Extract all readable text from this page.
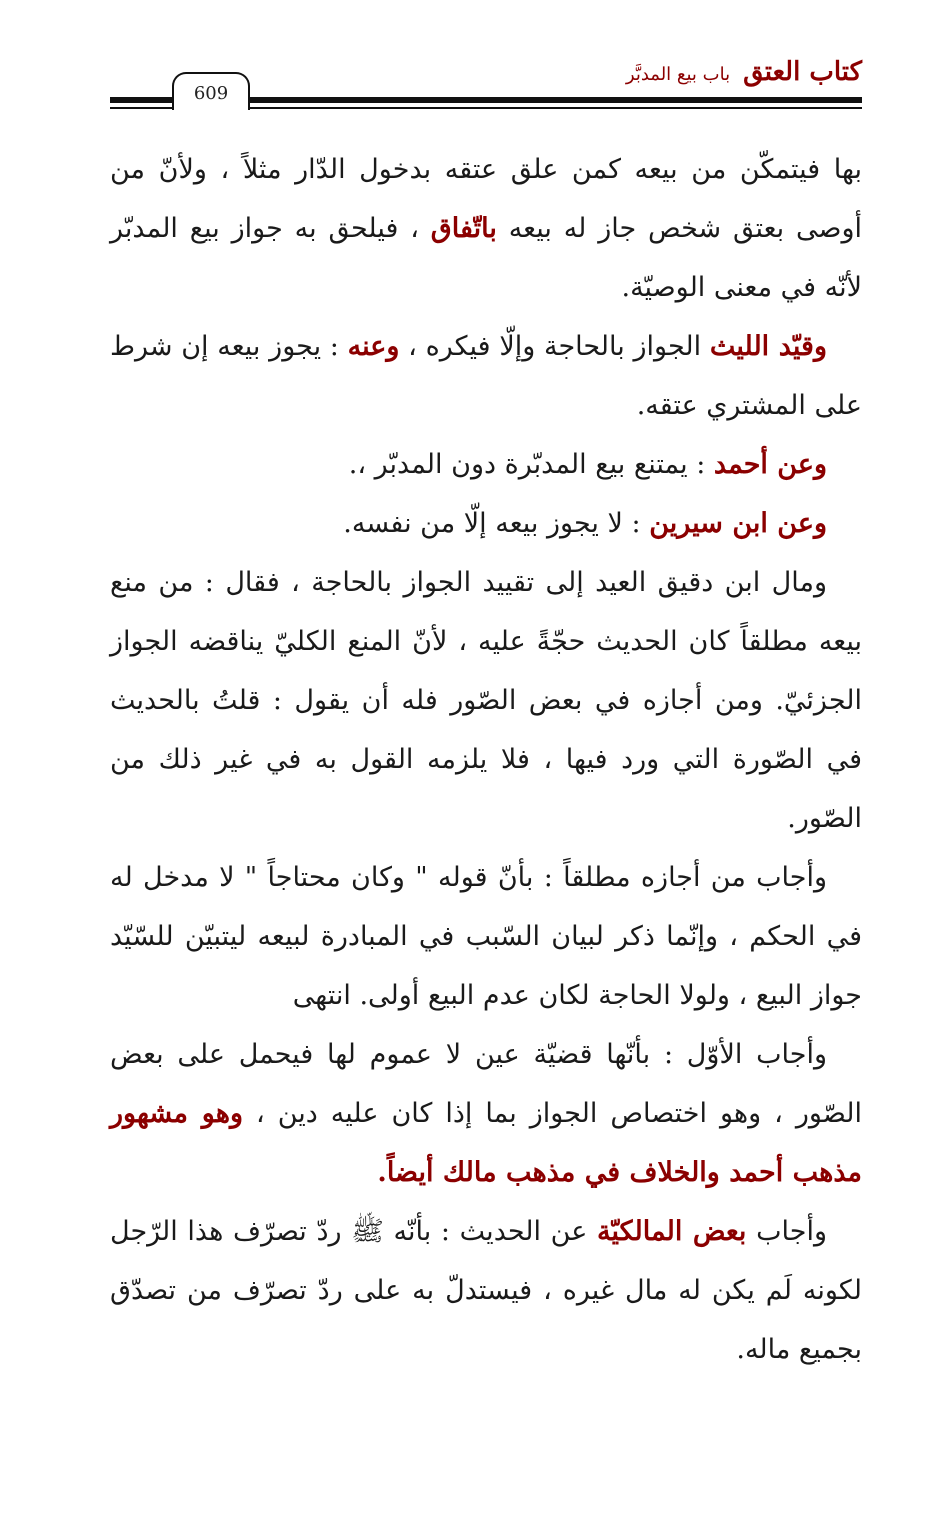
كتاب العتق باب بيع المدبَّر
609

بها فيتمكّن من بيعه كمن علق عتقه بدخول الدّار مثلاً ، ولأنّ من أوصى بعتق شخص جاز له بيعه باتّفاق ، فيلحق به جواز بيع المدبّر لأنّه في معنى الوصيّة.

وقيّد الليث الجواز بالحاجة وإلّا فيكره ، وعنه : يجوز بيعه إن شرط على المشتري عتقه.

وعن أحمد : يمتنع بيع المدبّرة دون المدبّر ،.

وعن ابن سيرين : لا يجوز بيعه إلّا من نفسه.

ومال ابن دقيق العيد إلى تقييد الجواز بالحاجة ، فقال : من منع بيعه مطلقاً كان الحديث حجّةً عليه ، لأنّ المنع الكليّ يناقضه الجواز الجزئيّ. ومن أجازه في بعض الصّور فله أن يقول : قلتُ بالحديث في الصّورة التي ورد فيها ، فلا يلزمه القول به في غير ذلك من الصّور.

وأجاب من أجازه مطلقاً : بأنّ قوله " وكان محتاجاً " لا مدخل له في الحكم ، وإنّما ذكر لبيان السّبب في المبادرة لبيعه ليتبيّن للسّيّد جواز البيع ، ولولا الحاجة لكان عدم البيع أولى. انتهى

وأجاب الأوّل : بأنّها قضيّة عين لا عموم لها فيحمل على بعض الصّور ، وهو اختصاص الجواز بما إذا كان عليه دين ، وهو مشهور مذهب أحمد والخلاف في مذهب مالك أيضاً.

وأجاب بعض المالكيّة عن الحديث : بأنّه ﷺ ردّ تصرّف هذا الرّجل لكونه لَم يكن له مال غيره ، فيستدلّ به على ردّ تصرّف من تصدّق بجميع ماله.
